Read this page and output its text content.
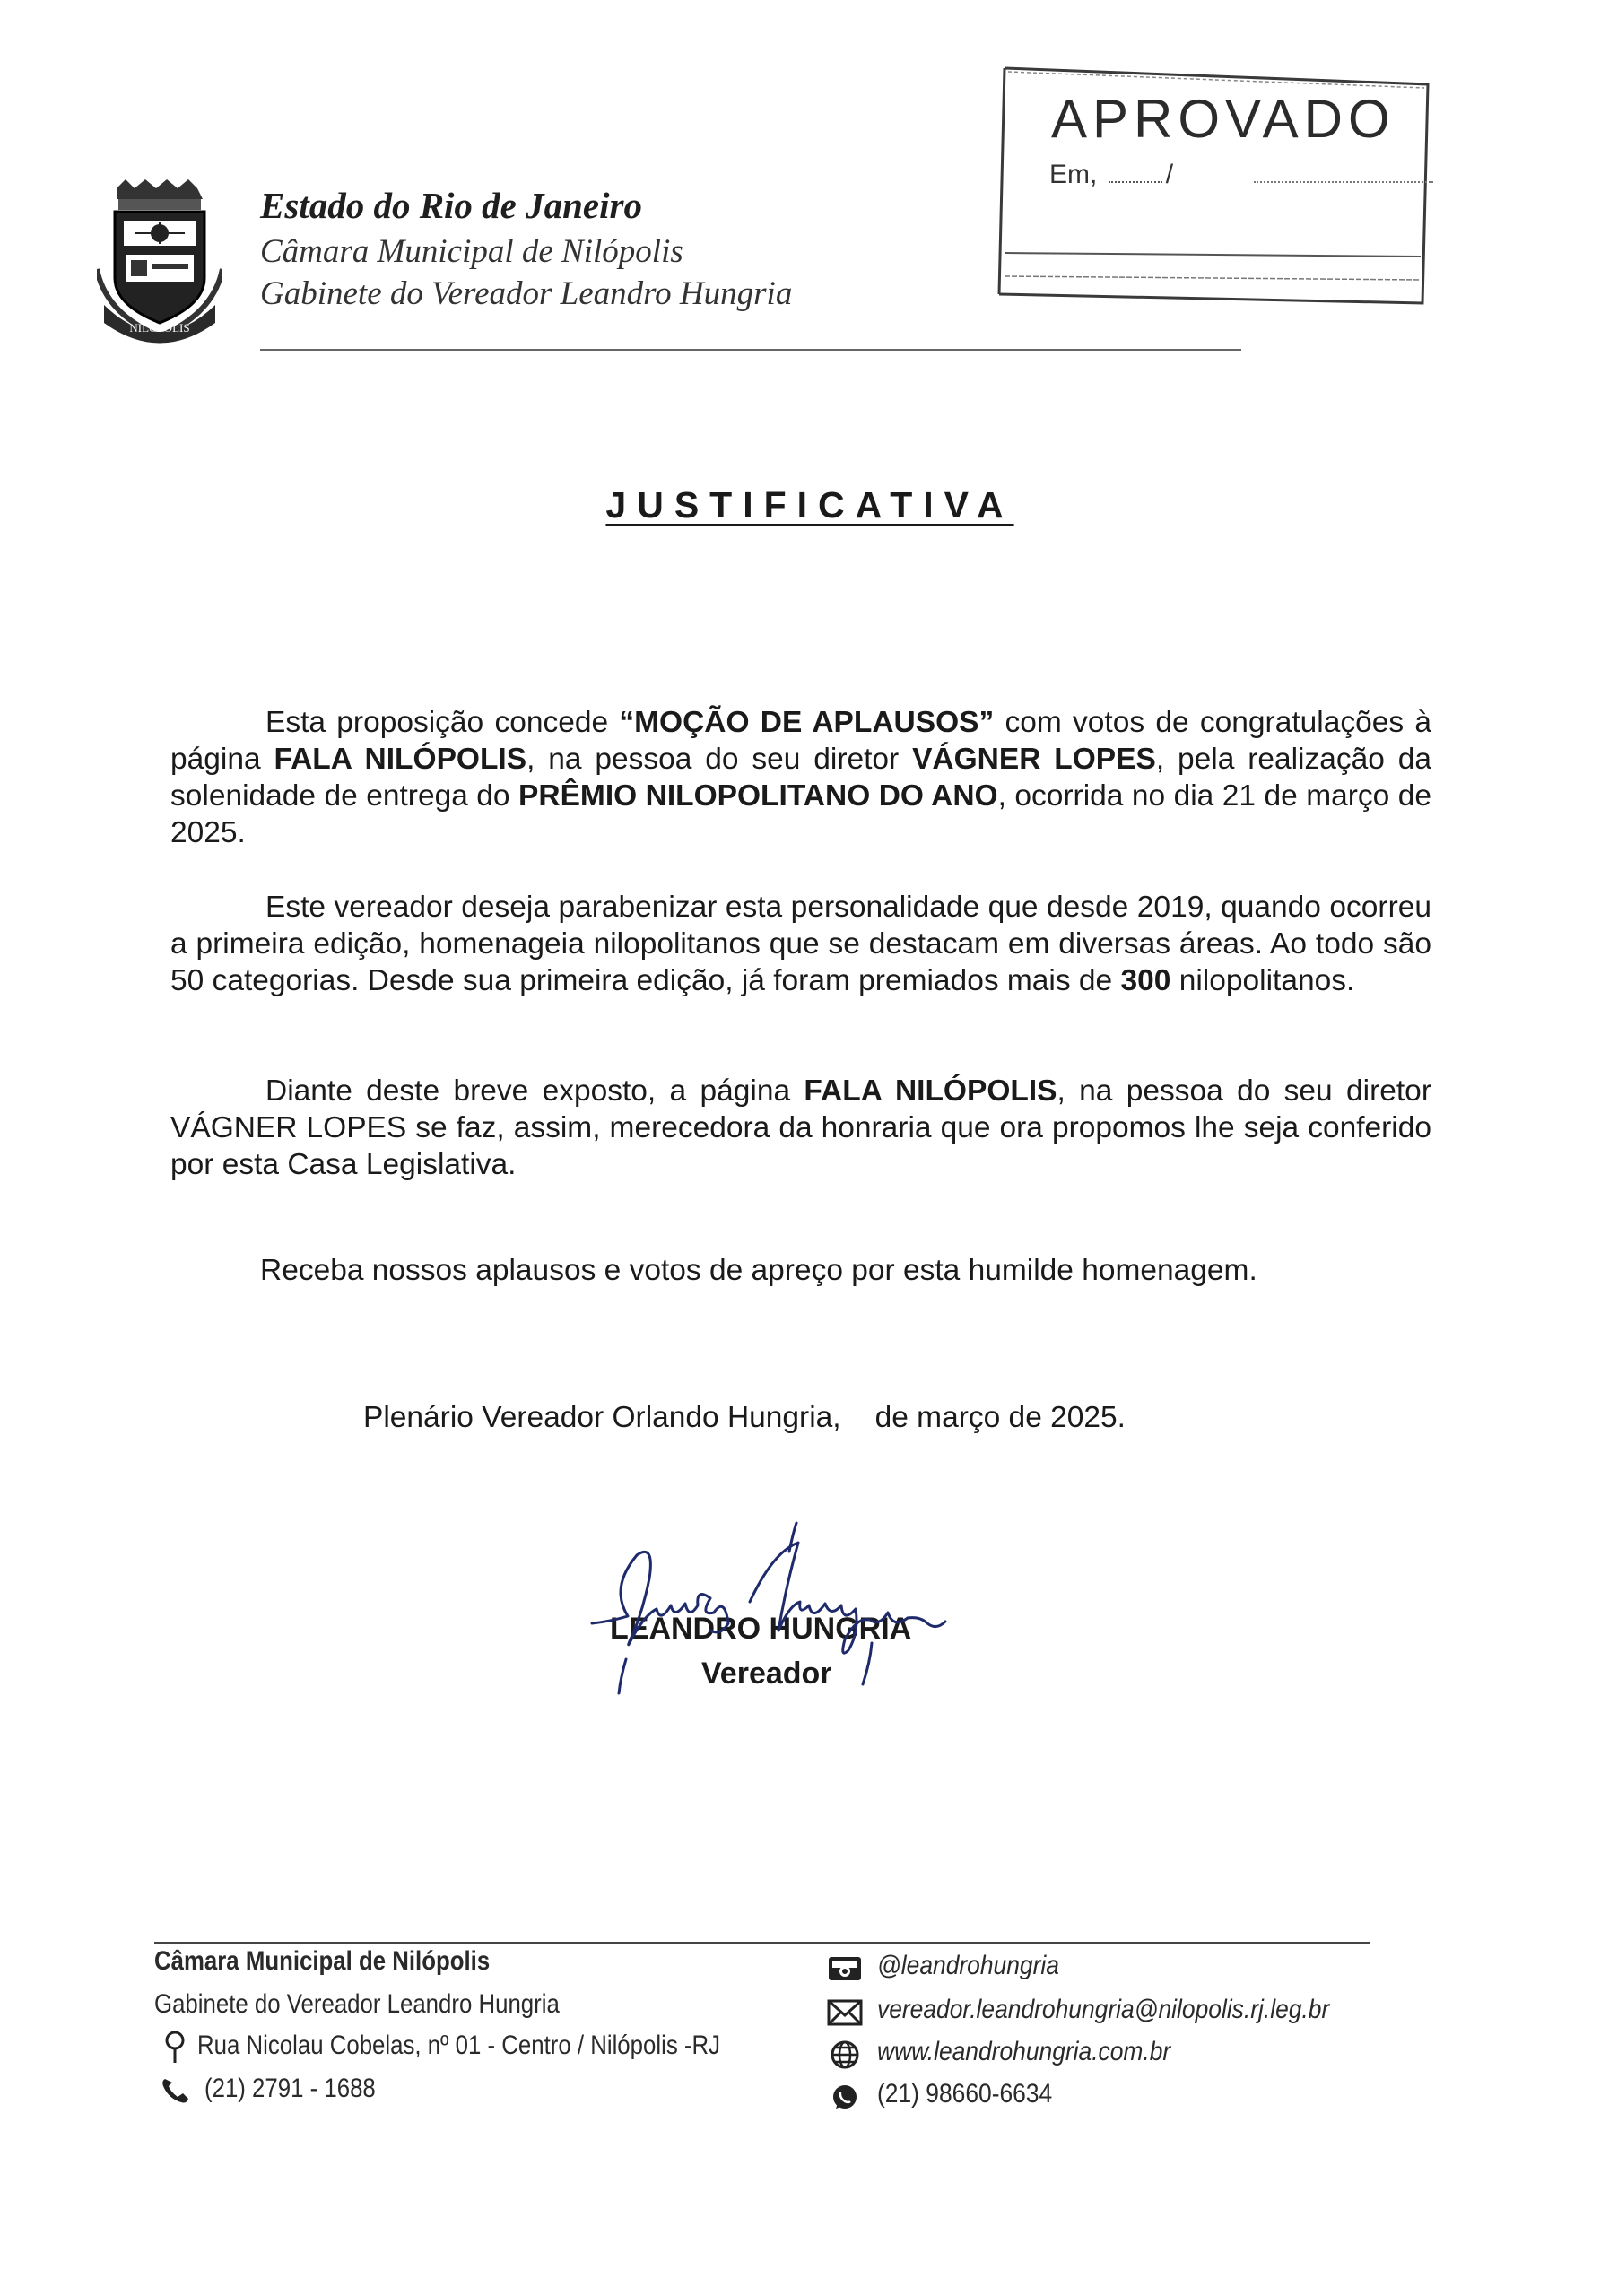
NILÓPOLIS
Estado do Rio de Janeiro
Câmara Municipal de Nilópolis
Gabinete do Vereador Leandro Hungria
APROVADO
Em,	/
JUSTIFICATIVA
Esta proposição concede “MOÇÃO DE APLAUSOS” com votos de congratulações à página FALA NILÓPOLIS, na pessoa do seu diretor VÁGNER LOPES, pela realização da solenidade de entrega do PRÊMIO NILOPOLITANO DO ANO, ocorrida no dia 21 de março de 2025.
Este vereador deseja parabenizar esta personalidade que desde 2019, quando ocorreu a primeira edição, homenageia nilopolitanos que se destacam em diversas áreas. Ao todo são 50 categorias. Desde sua primeira edição, já foram premiados mais de 300 nilopolitanos.
Diante deste breve exposto, a página FALA NILÓPOLIS, na pessoa do seu diretor VÁGNER LOPES se faz, assim, merecedora da honraria que ora propomos lhe seja conferido por esta Casa Legislativa.
Receba nossos aplausos e votos de apreço por esta humilde homenagem.
Plenário Vereador Orlando Hungria, de março de 2025.
LEANDRO HUNGRIA
Vereador
Câmara Municipal de Nilópolis
Gabinete do Vereador Leandro Hungria
Rua Nicolau Cobelas, nº 01 - Centro / Nilópolis -RJ
(21) 2791 - 1688
@leandrohungria
vereador.leandrohungria@nilopolis.rj.leg.br
www.leandrohungria.com.br
(21) 98660-6634
